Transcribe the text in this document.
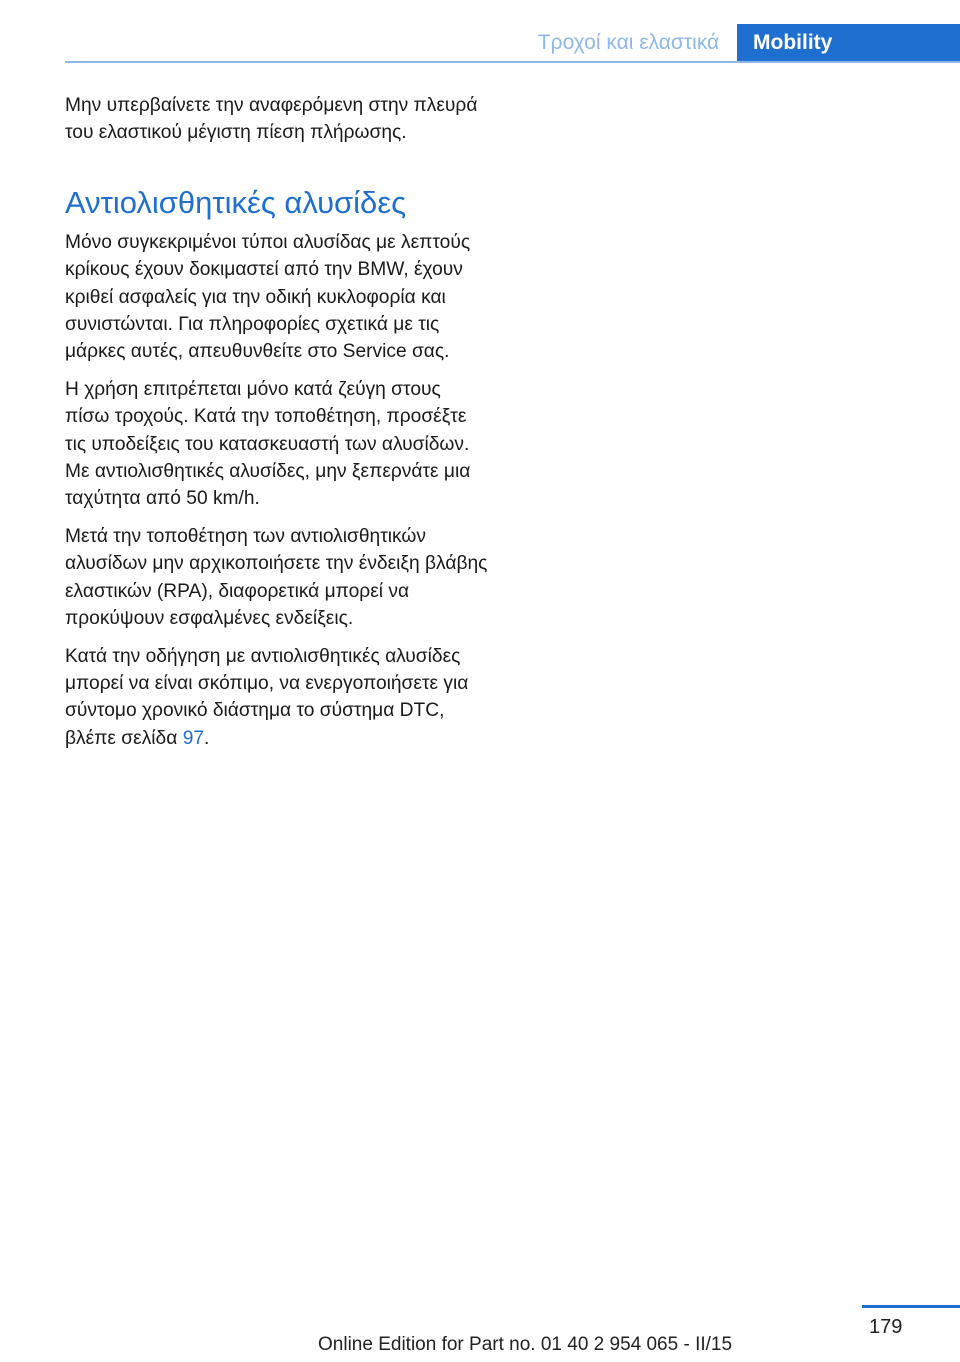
Τροχοί και ελαστικά	Mobility

Μην υπερβαίνετε την αναφερόμενη στην πλευρά του ελαστικού μέγιστη πίεση πλήρωσης.

Αντιολισθητικές αλυσίδες

Μόνο συγκεκριμένοι τύποι αλυσίδας με λεπτούς κρίκους έχουν δοκιμαστεί από την BMW, έχουν κριθεί ασφαλείς για την οδική κυκλοφορία και συνιστώνται. Για πληροφορίες σχετικά με τις μάρκες αυτές, απευθυνθείτε στο Service σας.

Η χρήση επιτρέπεται μόνο κατά ζεύγη στους πίσω τροχούς. Κατά την τοποθέτηση, προσέξτε τις υποδείξεις του κατασκευαστή των αλυσίδων. Με αντιολισθητικές αλυσίδες, μην ξεπερνάτε μια ταχύτητα από 50 km/h.

Μετά την τοποθέτηση των αντιολισθητικών αλυσίδων μην αρχικοποιήσετε την ένδειξη βλάβης ελαστικών (RPA), διαφορετικά μπορεί να προκύψουν εσφαλμένες ενδείξεις.

Κατά την οδήγηση με αντιολισθητικές αλυσίδες μπορεί να είναι σκόπιμο, να ενεργοποιήσετε για σύντομο χρονικό διάστημα το σύστημα DTC, βλέπε σελίδα 97.

179
Online Edition for Part no. 01 40 2 954 065 - II/15
